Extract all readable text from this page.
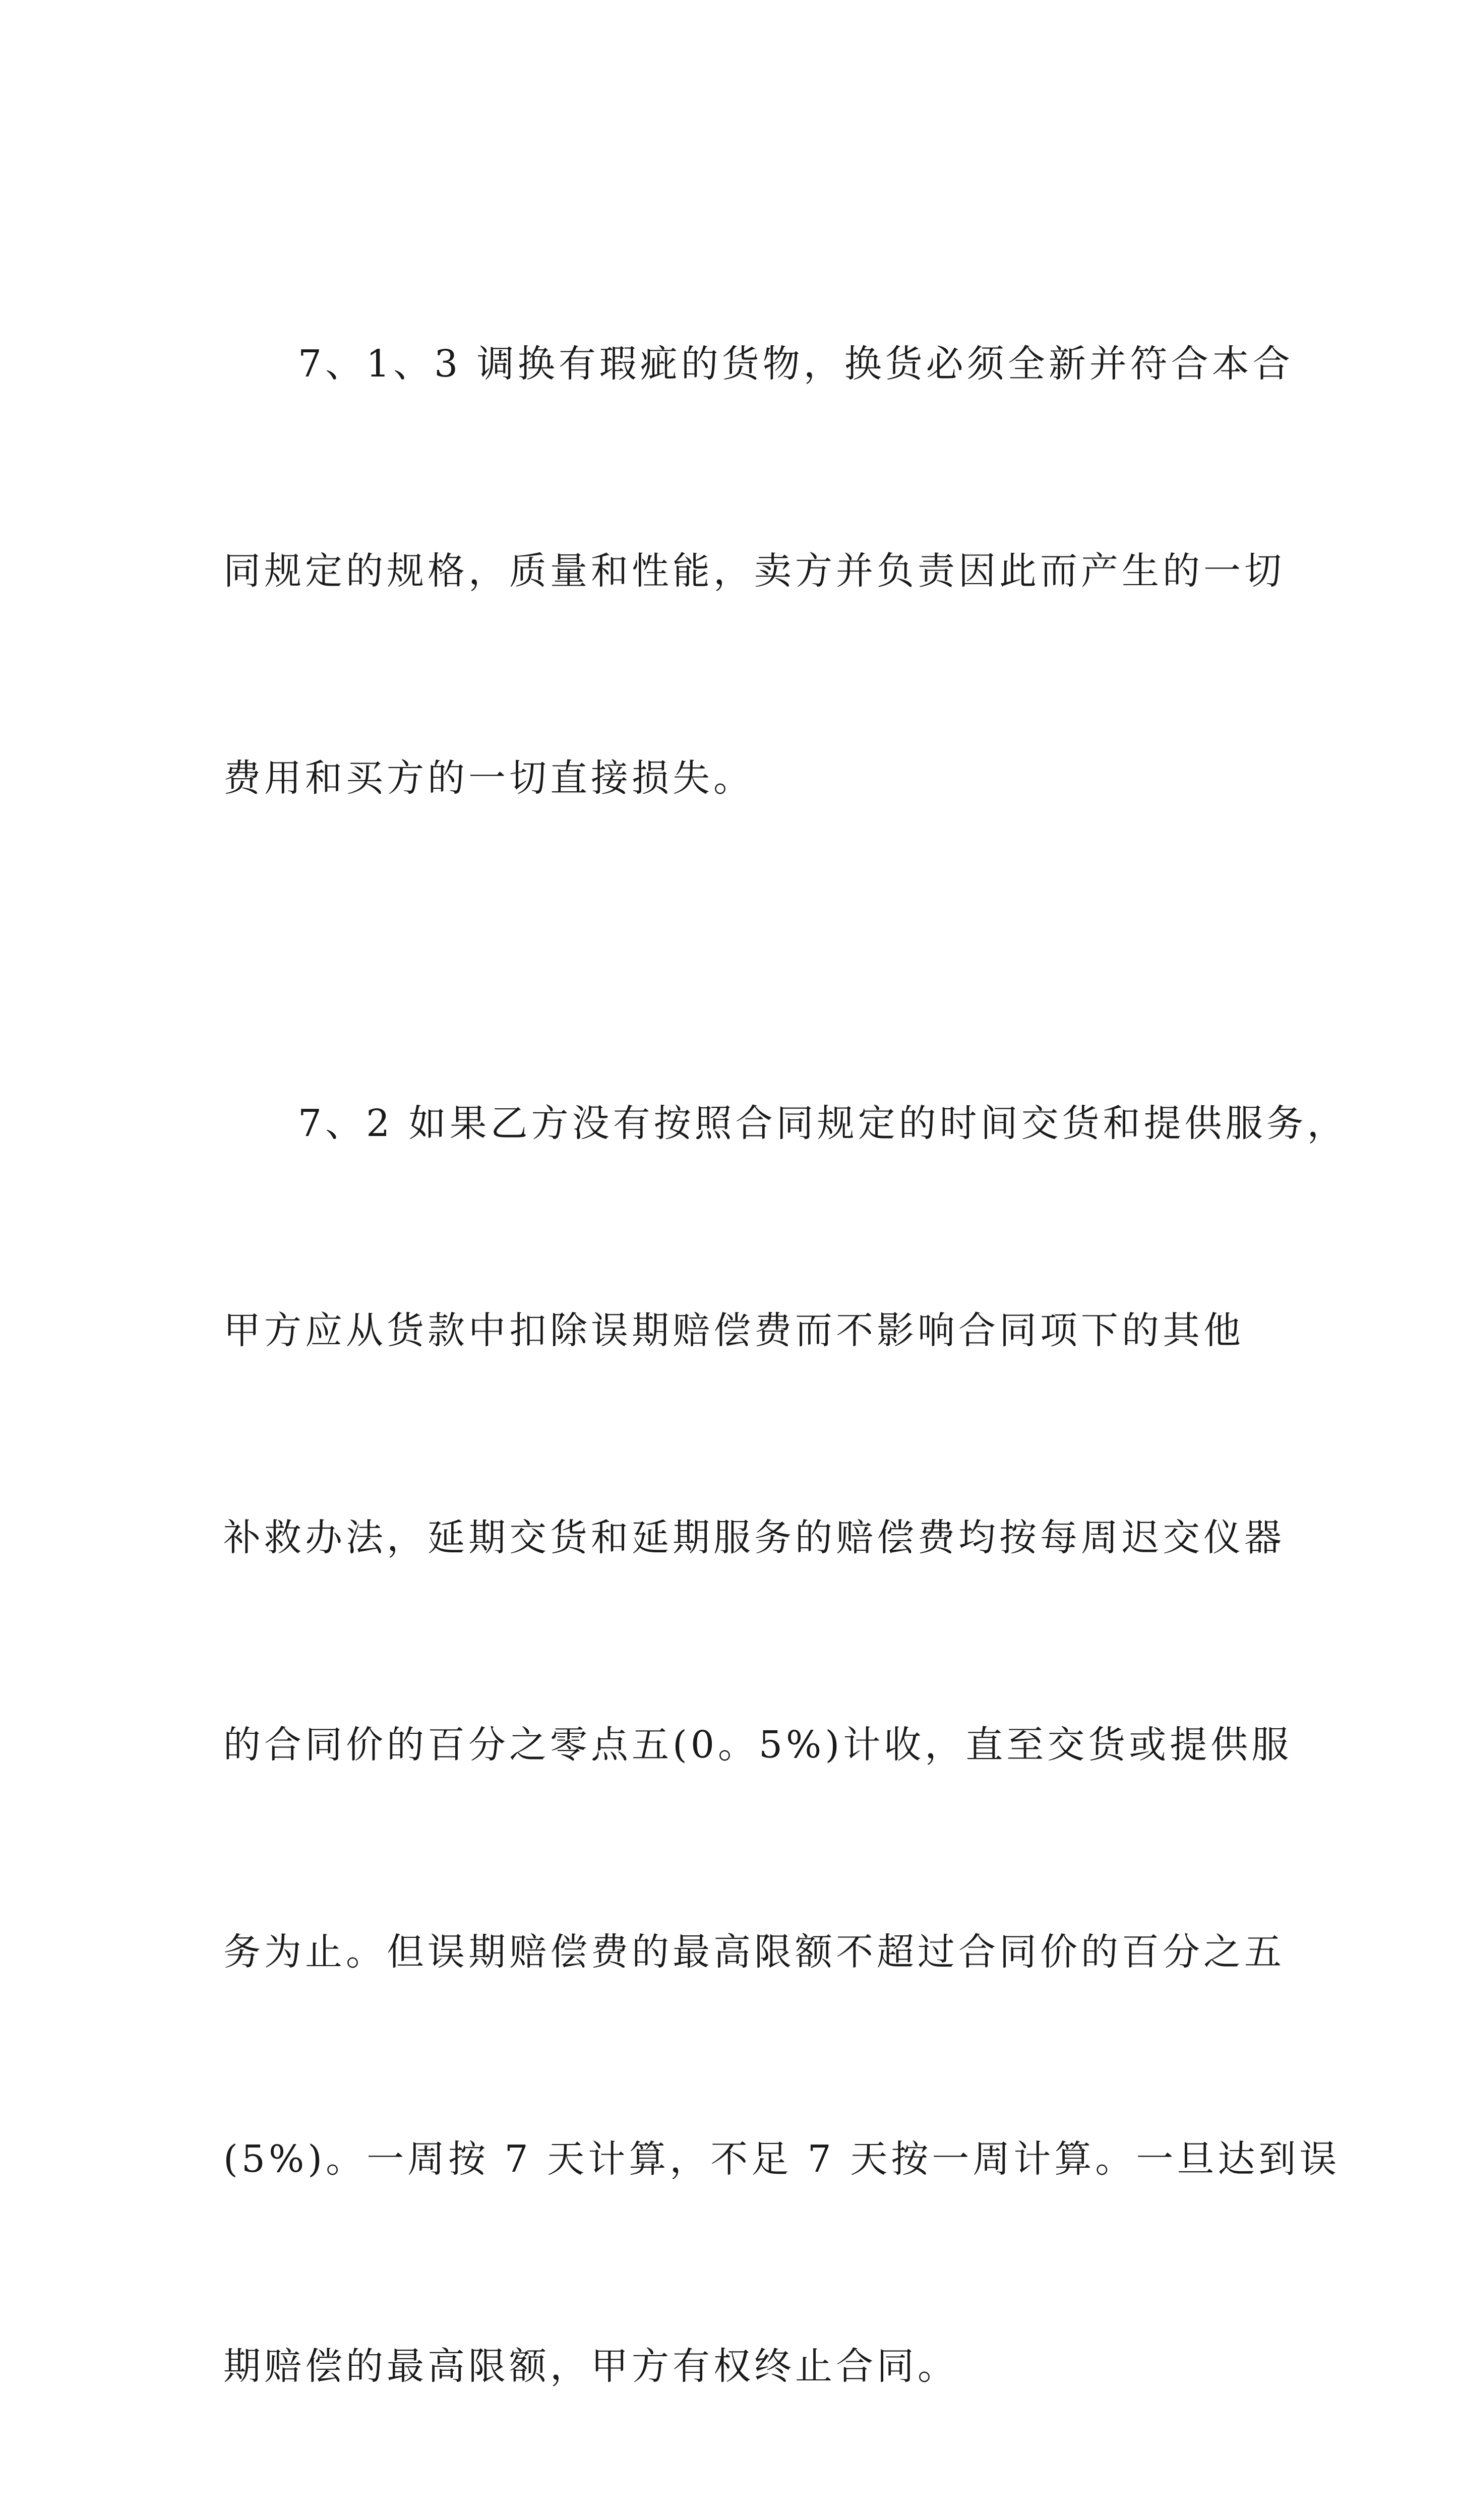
7、1、3 调换有瑕疵的货物，换货必须全新并符合本合

同规定的规格，质量和性能，卖方并负责因此而产生的一切

费用和买方的一切直接损失。

7、2 如果乙方没有按照合同规定的时间交货和提供服务，

甲方应从货款中扣除误期赔偿费而不影响合同项下的其他

补救办法，延期交货和延期服务的赔偿费均按每周迟交仪器

的合同价的百分之零点五(0。5%)计收，直至交货或提供服

务为止。但误期赔偿费的最高限额不超过合同价的百分之五

(5%)。一周按 7 天计算，不足 7 天按一周计算。一旦达到误

期赔偿的最高限额，甲方有权终止合同。
